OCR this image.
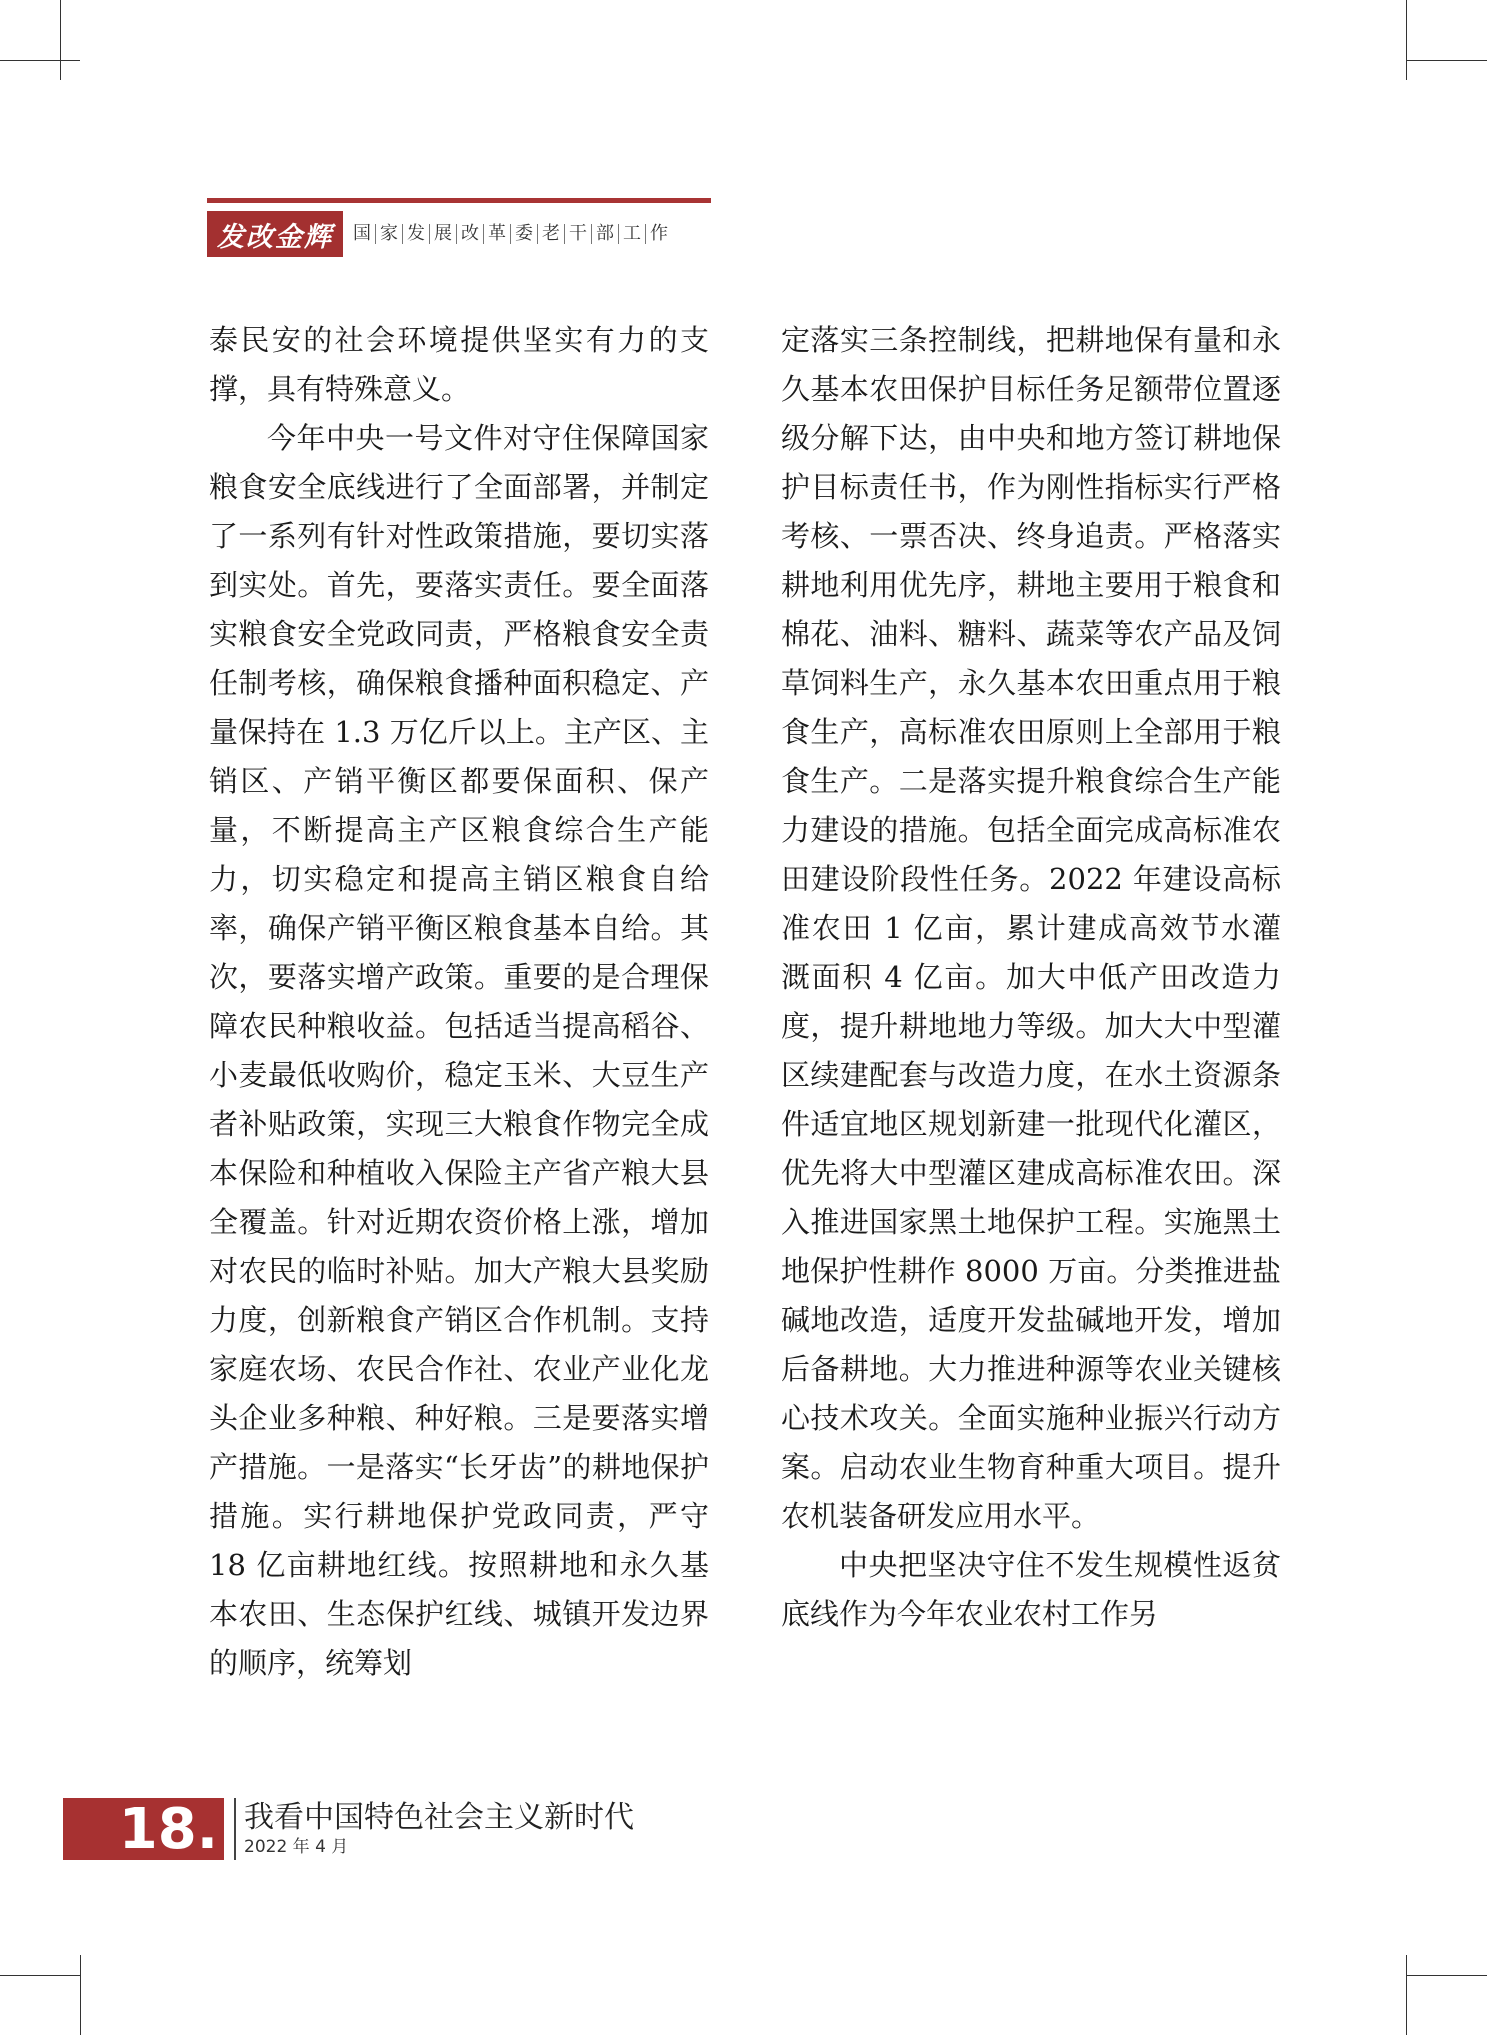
发改金辉	国 家 发 展 改 革 委 老 干 部 工 作

泰民安的社会环境提供坚实有力的支撑，具有特殊意义。

今年中央一号文件对守住保障国家粮食安全底线进行了全面部署，并制定了一系列有针对性政策措施，要切实落到实处。首先，要落实责任。要全面落实粮食安全党政同责，严格粮食安全责任制考核，确保粮食播种面积稳定、产量保持在 1.3 万亿斤以上。主产区、主销区、产销平衡区都要保面积、保产量，不断提高主产区粮食综合生产能力，切实稳定和提高主销区粮食自给率，确保产销平衡区粮食基本自给。其次，要落实增产政策。重要的是合理保障农民种粮收益。包括适当提高稻谷、小麦最低收购价，稳定玉米、大豆生产者补贴政策，实现三大粮食作物完全成本保险和种植收入保险主产省产粮大县全覆盖。针对近期农资价格上涨，增加对农民的临时补贴。加大产粮大县奖励力度，创新粮食产销区合作机制。支持家庭农场、农民合作社、农业产业化龙头企业多种粮、种好粮。三是要落实增产措施。一是落实“长牙齿”的耕地保护措施。实行耕地保护党政同责，严守 18 亿亩耕地红线。按照耕地和永久基本农田、生态保护红线、城镇开发边界的顺序，统筹划

定落实三条控制线，把耕地保有量和永久基本农田保护目标任务足额带位置逐级分解下达，由中央和地方签订耕地保护目标责任书，作为刚性指标实行严格考核、一票否决、终身追责。严格落实耕地利用优先序，耕地主要用于粮食和棉花、油料、糖料、蔬菜等农产品及饲草饲料生产，永久基本农田重点用于粮食生产，高标准农田原则上全部用于粮食生产。二是落实提升粮食综合生产能力建设的措施。包括全面完成高标准农田建设阶段性任务。2022 年建设高标准农田 1 亿亩，累计建成高效节水灌溉面积 4 亿亩。加大中低产田改造力度，提升耕地地力等级。加大大中型灌区续建配套与改造力度，在水土资源条件适宜地区规划新建一批现代化灌区，优先将大中型灌区建成高标准农田。深入推进国家黑土地保护工程。实施黑土地保护性耕作 8000 万亩。分类推进盐碱地改造，适度开发盐碱地开发，增加后备耕地。大力推进种源等农业关键核心技术攻关。全面实施种业振兴行动方案。启动农业生物育种重大项目。提升农机装备研发应用水平。

中央把坚决守住不发生规模性返贫底线作为今年农业农村工作另

18. 我看中国特色社会主义新时代
2022 年 4 月
